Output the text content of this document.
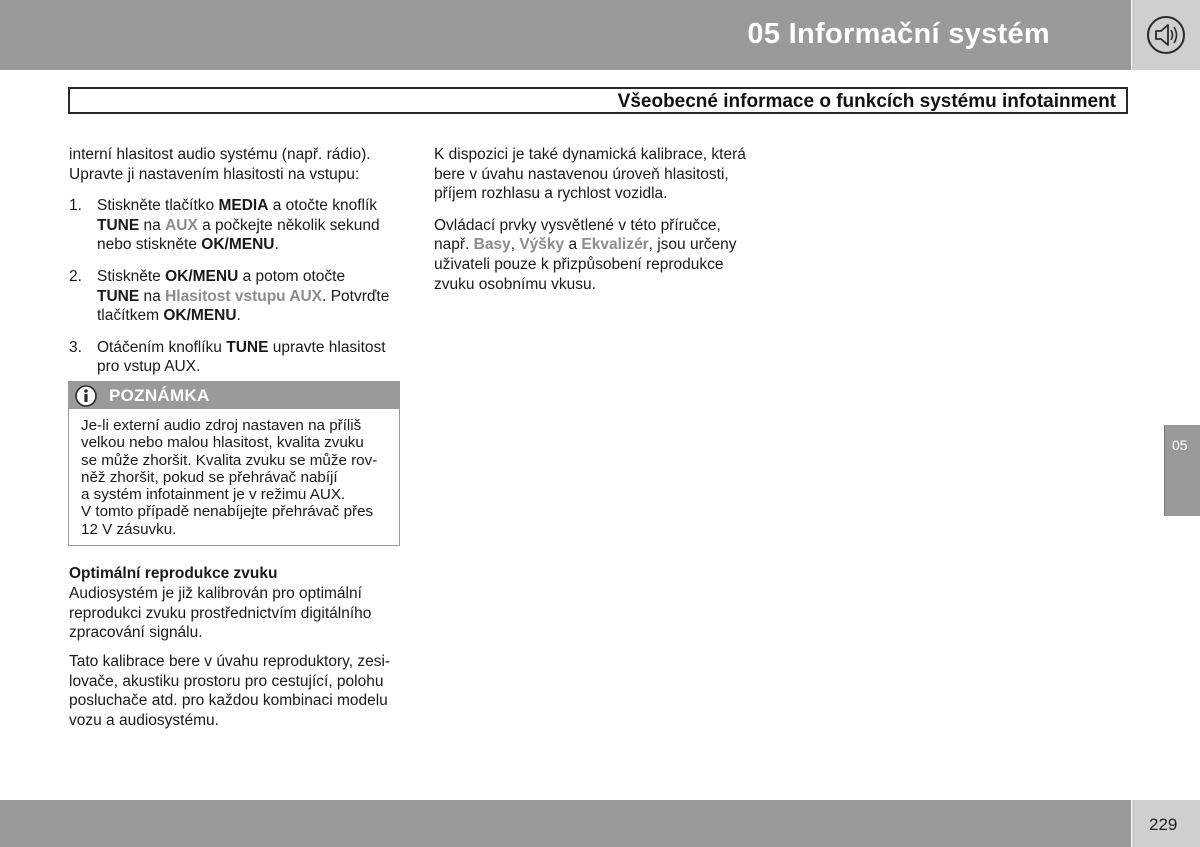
05 Informační systém
Všeobecné informace o funkcích systému infotainment

interní hlasitost audio systému (např. rádio).
Upravte ji nastavením hlasitosti na vstupu:

1. Stiskněte tlačítko MEDIA a otočte knoflík
TUNE na AUX a počkejte několik sekund
nebo stiskněte OK/MENU.
2. Stiskněte OK/MENU a potom otočte
TUNE na Hlasitost vstupu AUX. Potvrďte
tlačítkem OK/MENU.
3. Otáčením knoflíku TUNE upravte hlasitost
pro vstup AUX.
POZNÁMKA
Je-li externí audio zdroj nastaven na příliš
velkou nebo malou hlasitost, kvalita zvuku
se může zhoršit. Kvalita zvuku se může rov-
něž zhoršit, pokud se přehrávač nabíjí
a systém infotainment je v režimu AUX.
V tomto případě nenabíjejte přehrávač přes
12 V zásuvku.
Optimální reprodukce zvuku
Audiosystém je již kalibrován pro optimální
reprodukci zvuku prostřednictvím digitálního
zpracování signálu.
Tato kalibrace bere v úvahu reproduktory, zesi-
lovače, akustiku prostoru pro cestující, polohu
posluchače atd. pro každou kombinaci modelu
vozu a audiosystému.

K dispozici je také dynamická kalibrace, která
bere v úvahu nastavenou úroveň hlasitosti,
příjem rozhlasu a rychlost vozidla.

Ovládací prvky vysvětlené v této příručce,
např. Basy, Výšky a Ekvalizér, jsou určeny
uživateli pouze k přizpůsobení reprodukce
zvuku osobnímu vkusu.

05
229
